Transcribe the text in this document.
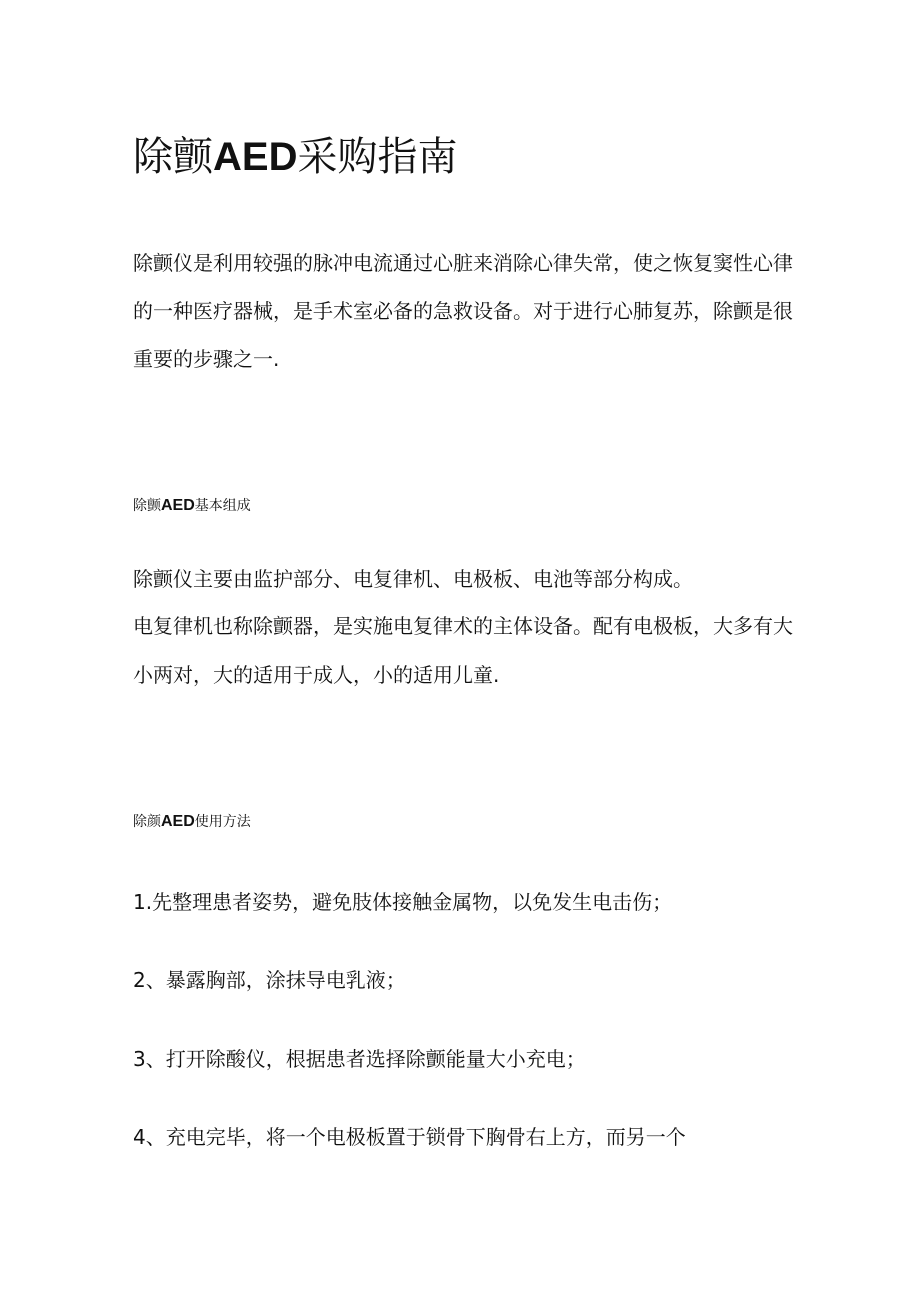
除颤AED采购指南

除颤仪是利用较强的脉冲电流通过心脏来消除心律失常，使之恢复窦性心律

的一种医疗器械，是手术室必备的急救设备。对于进行心肺复苏，除颤是很

重要的步骤之一.

除颤AED基本组成

除颤仪主要由监护部分、电复律机、电极板、电池等部分构成。

电复律机也称除颤器，是实施电复律术的主体设备。配有电极板，大多有大

小两对，大的适用于成人，小的适用儿童.

除颜AED使用方法

1.先整理患者姿势，避免肢体接触金属物，以免发生电击伤；

2、暴露胸部，涂抹导电乳液；

3、打开除酸仪，根据患者选择除颤能量大小充电；

4、充电完毕，将一个电极板置于锁骨下胸骨右上方，而另一个
